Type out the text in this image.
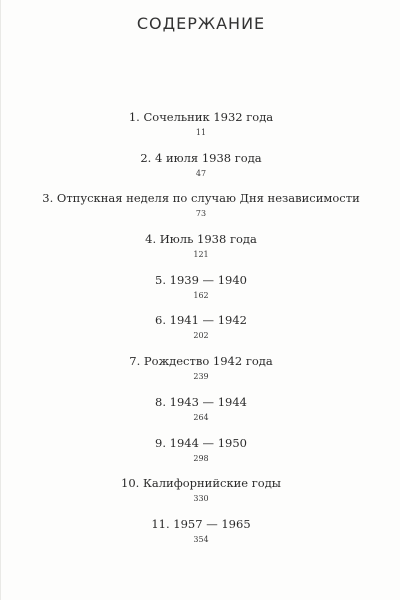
СОДЕРЖАНИЕ
1. Сочельник 1932 года
11
2. 4 июля 1938 года
47
3. Отпускная неделя по случаю Дня независимости
73
4. Июль 1938 года
121
5. 1939 — 1940
162
6. 1941 — 1942
202
7. Рождество 1942 года
239
8. 1943 — 1944
264
9. 1944 — 1950
298
10. Калифорнийские годы
330
11. 1957 — 1965
354
